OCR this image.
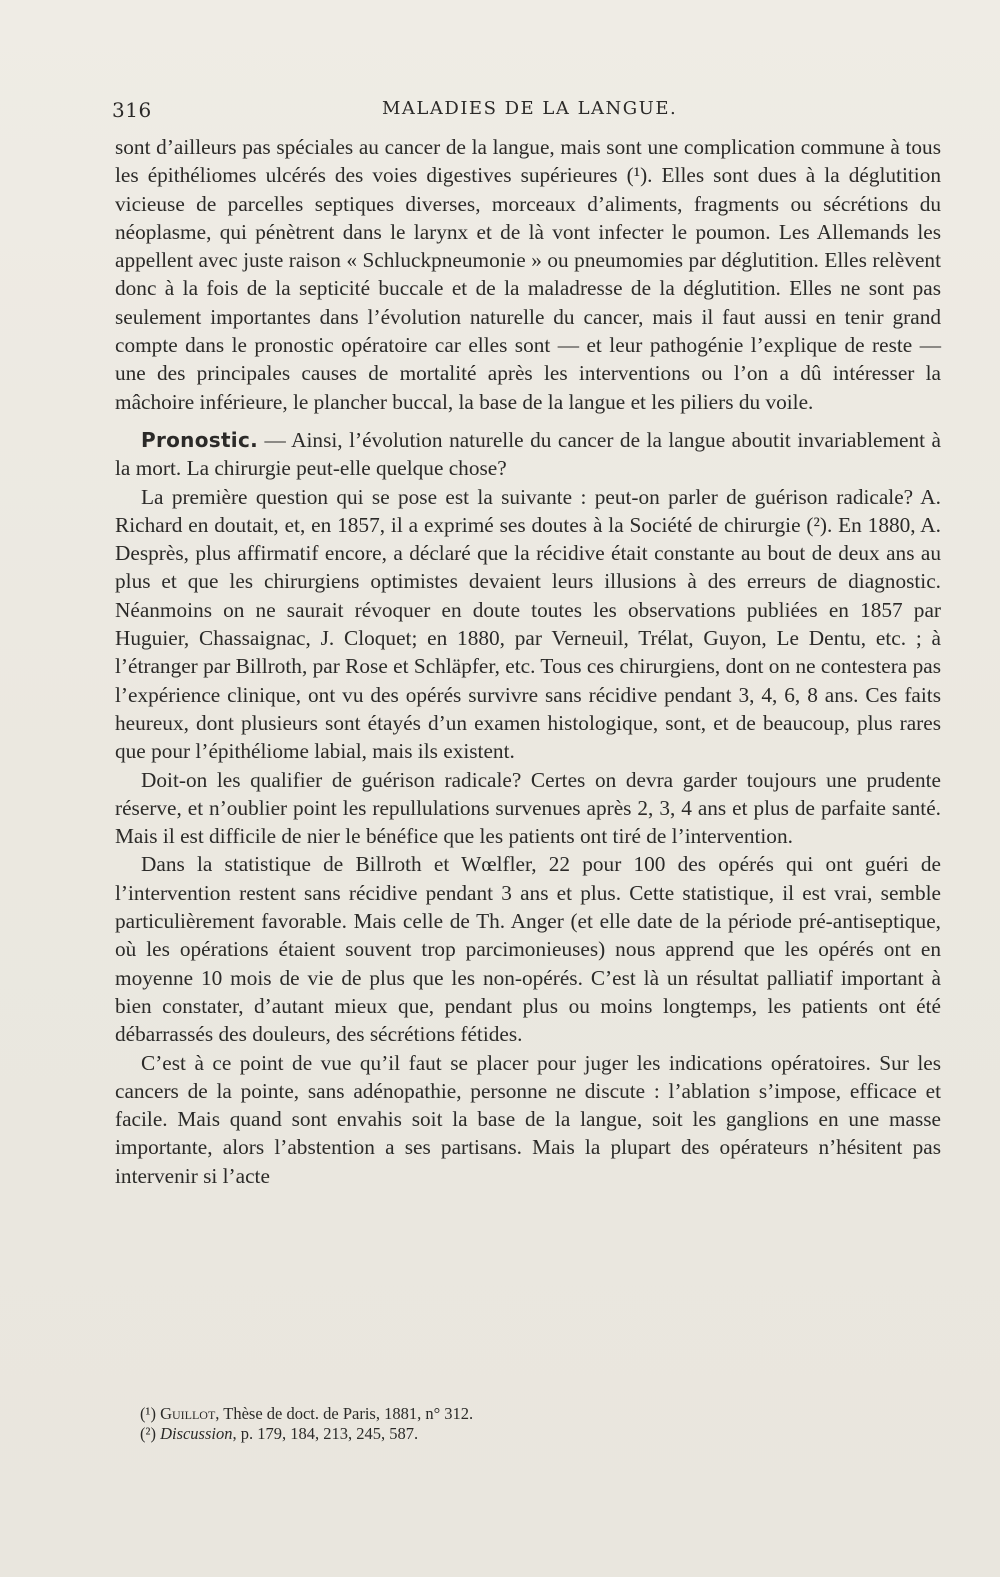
316	MALADIES DE LA LANGUE.

sont d’ailleurs pas spéciales au cancer de la langue, mais sont une complication commune à tous les épithéliomes ulcérés des voies digestives supérieures (¹). Elles sont dues à la déglutition vicieuse de parcelles septiques diverses, morceaux d’aliments, fragments ou sécrétions du néoplasme, qui pénètrent dans le larynx et de là vont infecter le poumon. Les Allemands les appellent avec juste raison « Schluckpneumonie » ou pneumomies par déglutition. Elles relèvent donc à la fois de la septicité buccale et de la maladresse de la déglutition. Elles ne sont pas seulement importantes dans l’évolution naturelle du cancer, mais il faut aussi en tenir grand compte dans le pronostic opératoire car elles sont — et leur pathogénie l’explique de reste — une des principales causes de mortalité après les interventions ou l’on a dû intéresser la mâchoire inférieure, le plancher buccal, la base de la langue et les piliers du voile.

Pronostic. — Ainsi, l’évolution naturelle du cancer de la langue aboutit invariablement à la mort. La chirurgie peut-elle quelque chose?

La première question qui se pose est la suivante : peut-on parler de guérison radicale? A. Richard en doutait, et, en 1857, il a exprimé ses doutes à la Société de chirurgie (²). En 1880, A. Desprès, plus affirmatif encore, a déclaré que la récidive était constante au bout de deux ans au plus et que les chirurgiens optimistes devaient leurs illusions à des erreurs de diagnostic. Néanmoins on ne saurait révoquer en doute toutes les observations publiées en 1857 par Huguier, Chassaignac, J. Cloquet; en 1880, par Verneuil, Trélat, Guyon, Le Dentu, etc. ; à l’étranger par Billroth, par Rose et Schläpfer, etc. Tous ces chirurgiens, dont on ne contestera pas l’expérience clinique, ont vu des opérés survivre sans récidive pendant 3, 4, 6, 8 ans. Ces faits heureux, dont plusieurs sont étayés d’un examen histologique, sont, et de beaucoup, plus rares que pour l’épithéliome labial, mais ils existent.

Doit-on les qualifier de guérison radicale? Certes on devra garder toujours une prudente réserve, et n’oublier point les repullulations survenues après 2, 3, 4 ans et plus de parfaite santé. Mais il est difficile de nier le bénéfice que les patients ont tiré de l’intervention.

Dans la statistique de Billroth et Wœlfler, 22 pour 100 des opérés qui ont guéri de l’intervention restent sans récidive pendant 3 ans et plus. Cette statistique, il est vrai, semble particulièrement favorable. Mais celle de Th. Anger (et elle date de la période pré-antiseptique, où les opérations étaient souvent trop parcimonieuses) nous apprend que les opérés ont en moyenne 10 mois de vie de plus que les non-opérés. C’est là un résultat palliatif important à bien constater, d’autant mieux que, pendant plus ou moins longtemps, les patients ont été débarrassés des douleurs, des sécrétions fétides.

C’est à ce point de vue qu’il faut se placer pour juger les indications opératoires. Sur les cancers de la pointe, sans adénopathie, personne ne discute : l’ablation s’impose, efficace et facile. Mais quand sont envahis soit la base de la langue, soit les ganglions en une masse importante, alors l’abstention a ses partisans. Mais la plupart des opérateurs n’hésitent pas intervenir si l’acte

(¹) Guillot, Thèse de doct. de Paris, 1881, n° 312.

(²) Discussion, p. 179, 184, 213, 245, 587.
